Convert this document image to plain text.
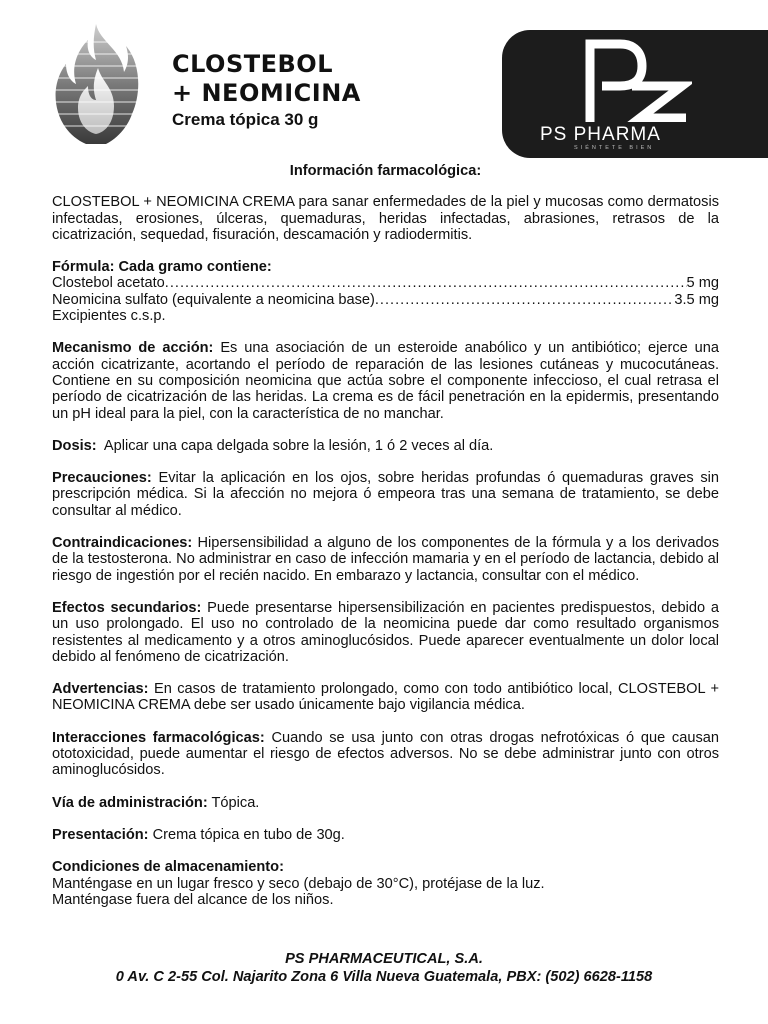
CLOSTEBOL
+ NEOMICINA
Crema tópica 30 g
PS PHARMA
SIÉNTETE BIEN

Información farmacológica:

CLOSTEBOL + NEOMICINA CREMA para sanar enfermedades de la piel y mucosas como dermatosis infectadas, erosiones, úlceras, quemaduras, heridas infectadas, abrasiones, retrasos de la cicatrización, sequedad, fisuración, descamación y radiodermitis.

Fórmula: Cada gramo contiene:
Clostebol acetato .....	5 mg
Neomicina sulfato (equivalente a neomicina base) .....	3.5 mg
Excipientes c.s.p.

Mecanismo de acción: Es una asociación de un esteroide anabólico y un antibiótico; ejerce una acción cicatrizante, acortando el período de reparación de las lesiones cutáneas y mucocutáneas. Contiene en su composición neomicina que actúa sobre el componente infeccioso, el cual retrasa el período de cicatrización de las heridas. La crema es de fácil penetración en la epidermis, presentando un pH ideal para la piel, con la característica de no manchar.

Dosis:  Aplicar una capa delgada sobre la lesión, 1 ó 2 veces al día.

Precauciones: Evitar la aplicación en los ojos, sobre heridas profundas ó quemaduras graves sin prescripción médica. Si la afección no mejora ó empeora tras una semana de tratamiento, se debe consultar al médico.

Contraindicaciones: Hipersensibilidad a alguno de los componentes de la fórmula y a los derivados de la testosterona. No administrar en caso de infección mamaria y en el período de lactancia, debido al riesgo de ingestión por el recién nacido. En embarazo y lactancia, consultar con el médico.

Efectos secundarios: Puede presentarse hipersensibilización en pacientes predispuestos, debido a un uso prolongado. El uso no controlado de la neomicina puede dar como resultado organismos resistentes al medicamento y a otros aminoglucósidos. Puede aparecer eventualmente un dolor local debido al fenómeno de cicatrización.

Advertencias: En casos de tratamiento prolongado, como con todo antibiótico local, CLOSTEBOL + NEOMICINA CREMA debe ser usado únicamente bajo vigilancia médica.

Interacciones farmacológicas: Cuando se usa junto con otras drogas nefrotóxicas ó que causan ototoxicidad, puede aumentar el riesgo de efectos adversos. No se debe administrar junto con otros aminoglucósidos.

Vía de administración: Tópica.

Presentación: Crema tópica en tubo de 30g.

Condiciones de almacenamiento:
Manténgase en un lugar fresco y seco (debajo de 30°C), protéjase de la luz.
Manténgase fuera del alcance de los niños.

PS PHARMACEUTICAL, S.A.
0 Av. C 2-55 Col. Najarito Zona 6 Villa Nueva Guatemala, PBX: (502) 6628-1158
